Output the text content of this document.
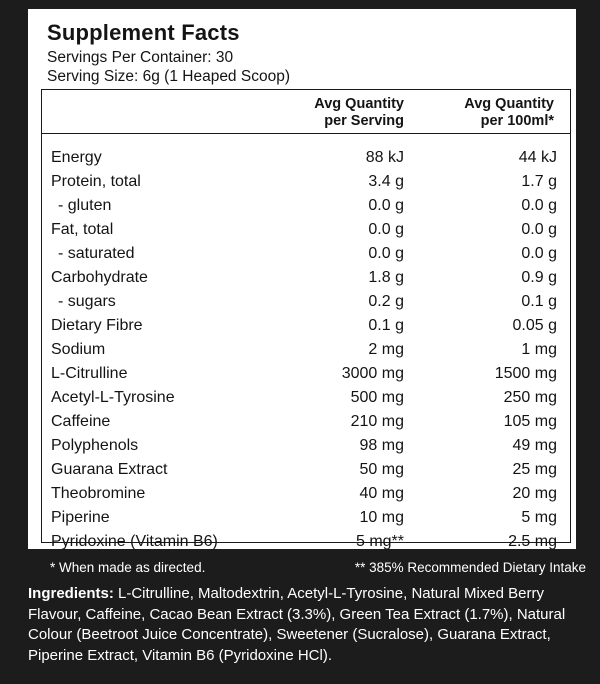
Supplement Facts
Servings Per Container: 30
Serving Size: 6g (1 Heaped Scoop)
Avg Quantity
per Serving
Avg Quantity
per 100ml*
Energy	88 kJ	44 kJ
Protein, total	3.4 g	1.7 g
- gluten	0.0 g	0.0 g
Fat, total	0.0 g	0.0 g
- saturated	0.0 g	0.0 g
Carbohydrate	1.8 g	0.9 g
- sugars	0.2 g	0.1 g
Dietary Fibre	0.1 g	0.05 g
Sodium	2 mg	1 mg
L-Citrulline	3000 mg	1500 mg
Acetyl-L-Tyrosine	500 mg	250 mg
Caffeine	210 mg	105 mg
Polyphenols	98 mg	49 mg
Guarana Extract	50 mg	25 mg
Theobromine	40 mg	20 mg
Piperine	10 mg	5 mg
Pyridoxine (Vitamin B6)	5 mg**	2.5 mg
* When made as directed.	** 385% Recommended Dietary Intake
Ingredients: L-Citrulline, Maltodextrin, Acetyl-L-Tyrosine, Natural Mixed Berry Flavour, Caffeine, Cacao Bean Extract (3.3%), Green Tea Extract (1.7%), Natural Colour (Beetroot Juice Concentrate), Sweetener (Sucralose), Guarana Extract, Piperine Extract, Vitamin B6 (Pyridoxine HCl).
